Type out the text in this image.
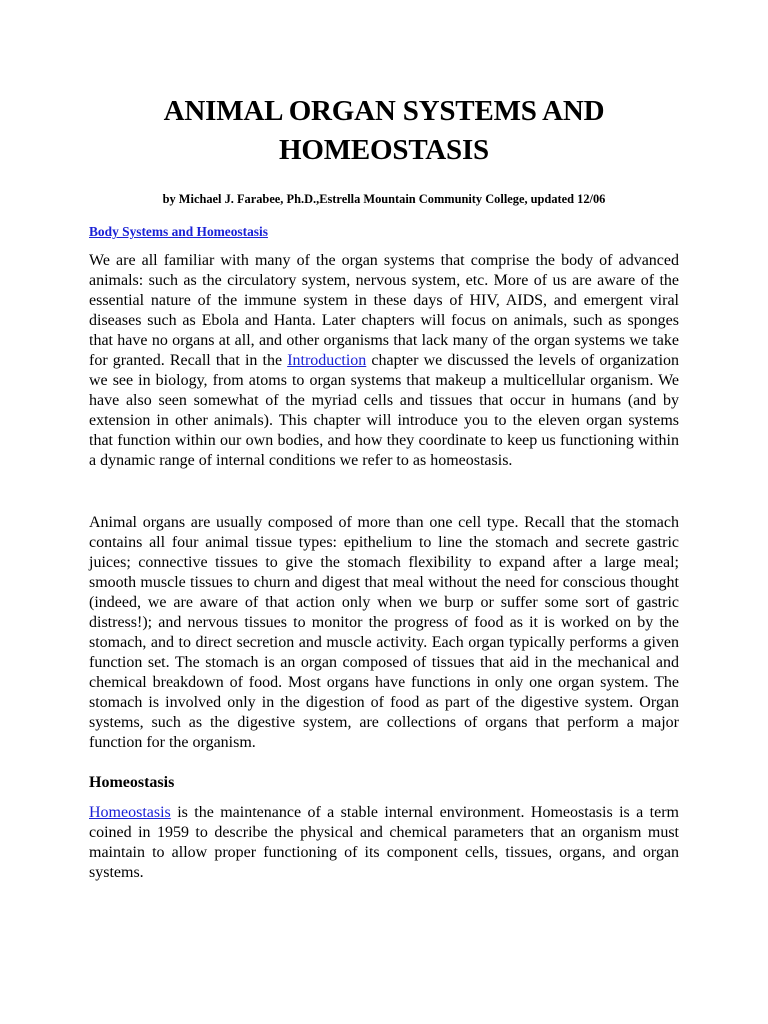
ANIMAL ORGAN SYSTEMS AND
HOMEOSTASIS

by Michael J. Farabee, Ph.D.,Estrella Mountain Community College, updated 12/06

Body Systems and Homeostasis

We are all familiar with many of the organ systems that comprise the body of advanced animals: such as the circulatory system, nervous system, etc. More of us are aware of the essential nature of the immune system in these days of HIV, AIDS, and emergent viral diseases such as Ebola and Hanta. Later chapters will focus on animals, such as sponges that have no organs at all, and other organisms that lack many of the organ systems we take for granted. Recall that in the Introduction chapter we discussed the levels of organization we see in biology, from atoms to organ systems that makeup a multicellular organism. We have also seen somewhat of the myriad cells and tissues that occur in humans (and by extension in other animals). This chapter will introduce you to the eleven organ systems that function within our own bodies, and how they coordinate to keep us functioning within a dynamic range of internal conditions we refer to as homeostasis.

Animal organs are usually composed of more than one cell type. Recall that the stomach contains all four animal tissue types: epithelium to line the stomach and secrete gastric juices; connective tissues to give the stomach flexibility to expand after a large meal; smooth muscle tissues to churn and digest that meal without the need for conscious thought (indeed, we are aware of that action only when we burp or suffer some sort of gastric distress!); and nervous tissues to monitor the progress of food as it is worked on by the stomach, and to direct secretion and muscle activity. Each organ typically performs a given function set. The stomach is an organ composed of tissues that aid in the mechanical and chemical breakdown of food. Most organs have functions in only one organ system. The stomach is involved only in the digestion of food as part of the digestive system. Organ systems, such as the digestive system, are collections of organs that perform a major function for the organism.

Homeostasis

Homeostasis is the maintenance of a stable internal environment. Homeostasis is a term coined in 1959 to describe the physical and chemical parameters that an organism must maintain to allow proper functioning of its component cells, tissues, organs, and organ systems.
